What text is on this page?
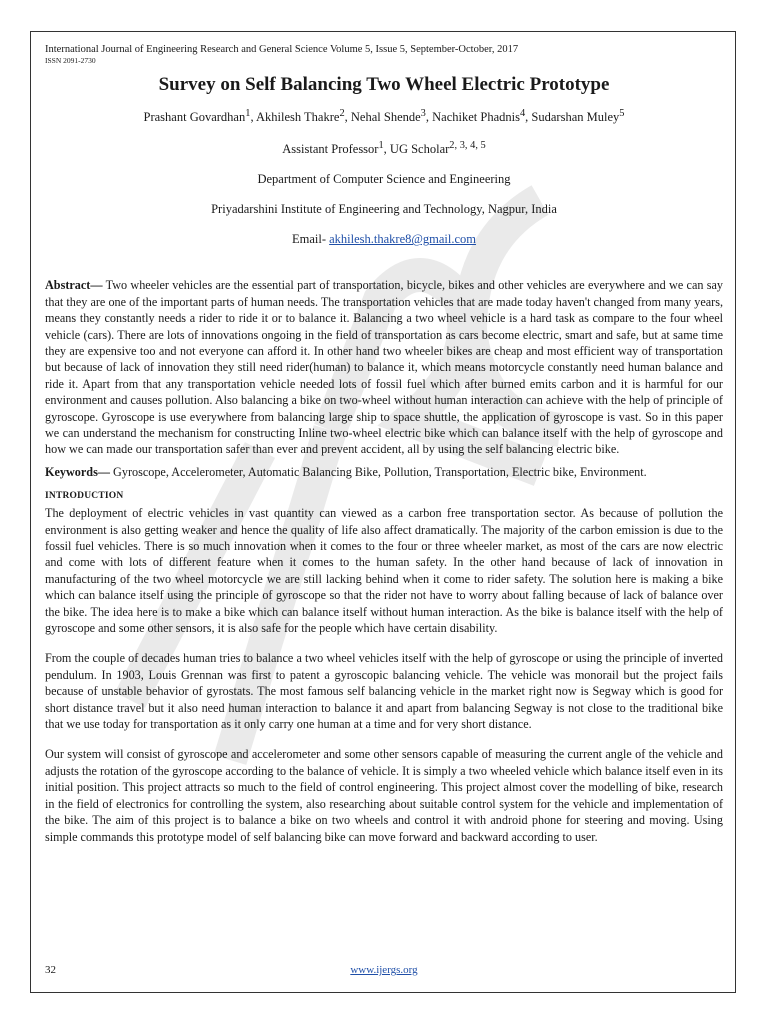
International Journal of Engineering Research and General Science Volume 5, Issue 5, September-October, 2017

ISSN 2091-2730

Survey on Self Balancing Two Wheel Electric Prototype

Prashant Govardhan$^1$, Akhilesh Thakre$^2$, Nehal Shende$^3$, Nachiket Phadnis$^4$, Sudarshan Muley$^5$

Assistant Professor$^1$, UG Scholar$^{2, 3, 4, 5}$

Department of Computer Science and Engineering

Priyadarshini Institute of Engineering and Technology, Nagpur, India

Email- akhilesh.thakre8@gmail.com

Abstract— Two wheeler vehicles are the essential part of transportation, bicycle, bikes and other vehicles are everywhere and we can say that they are one of the important parts of human needs. The transportation vehicles that are made today haven't changed from many years, means they constantly needs a rider to ride it or to balance it. Balancing a two wheel vehicle is a hard task as compare to the four wheel vehicle (cars). There are lots of innovations ongoing in the field of transportation as cars become electric, smart and safe, but at same time they are expensive too and not everyone can afford it. In other hand two wheeler bikes are cheap and most efficient way of transportation but because of lack of innovation they still need rider(human) to balance it, which means motorcycle constantly need human balance and ride it. Apart from that any transportation vehicle needed lots of fossil fuel which after burned emits carbon and it is harmful for our environment and causes pollution. Also balancing a bike on two-wheel without human interaction can achieve with the help of principle of gyroscope. Gyroscope is use everywhere from balancing large ship to space shuttle, the application of gyroscope is vast. So in this paper we can understand the mechanism for constructing Inline two-wheel electric bike which can balance itself with the help of gyroscope and how we can made our transportation safer than ever and prevent accident, all by using the self balancing electric bike.

Keywords— Gyroscope, Accelerometer, Automatic Balancing Bike, Pollution, Transportation, Electric bike, Environment.

INTRODUCTION

The deployment of electric vehicles in vast quantity can viewed as a carbon free transportation sector. As because of pollution the environment is also getting weaker and hence the quality of life also affect dramatically. The majority of the carbon emission is due to the fossil fuel vehicles. There is so much innovation when it comes to the four or three wheeler market, as most of the cars are now electric and come with lots of different feature when it comes to the human safety. In the other hand because of lack of innovation in manufacturing of the two wheel motorcycle we are still lacking behind when it come to rider safety. The solution here is making a bike which can balance itself using the principle of gyroscope so that the rider not have to worry about falling because of lack of balance over the bike. The idea here is to make a bike which can balance itself without human interaction. As the bike is balance itself with the help of gyroscope and some other sensors, it is also safe for the people which have certain disability.

From the couple of decades human tries to balance a two wheel vehicles itself with the help of gyroscope or using the principle of inverted pendulum. In 1903, Louis Grennan was first to patent a gyroscopic balancing vehicle. The vehicle was monorail but the project fails because of unstable behavior of gyrostats. The most famous self balancing vehicle in the market right now is Segway which is good for short distance travel but it also need human interaction to balance it and apart from balancing Segway is not close to the traditional bike that we use today for transportation as it only carry one human at a time and for very short distance.

Our system will consist of gyroscope and accelerometer and some other sensors capable of measuring the current angle of the vehicle and adjusts the rotation of the gyroscope according to the balance of vehicle. It is simply a two wheeled vehicle which balance itself even in its initial position. This project attracts so much to the field of control engineering. This project almost cover the modelling of bike, research in the field of electronics for controlling the system, also researching about suitable control system for the vehicle and implementation of the bike. The aim of this project is to balance a bike on two wheels and control it with android phone for steering and moving. Using simple commands this prototype model of self balancing bike can move forward and backward according to user.

32	www.ijergs.org
